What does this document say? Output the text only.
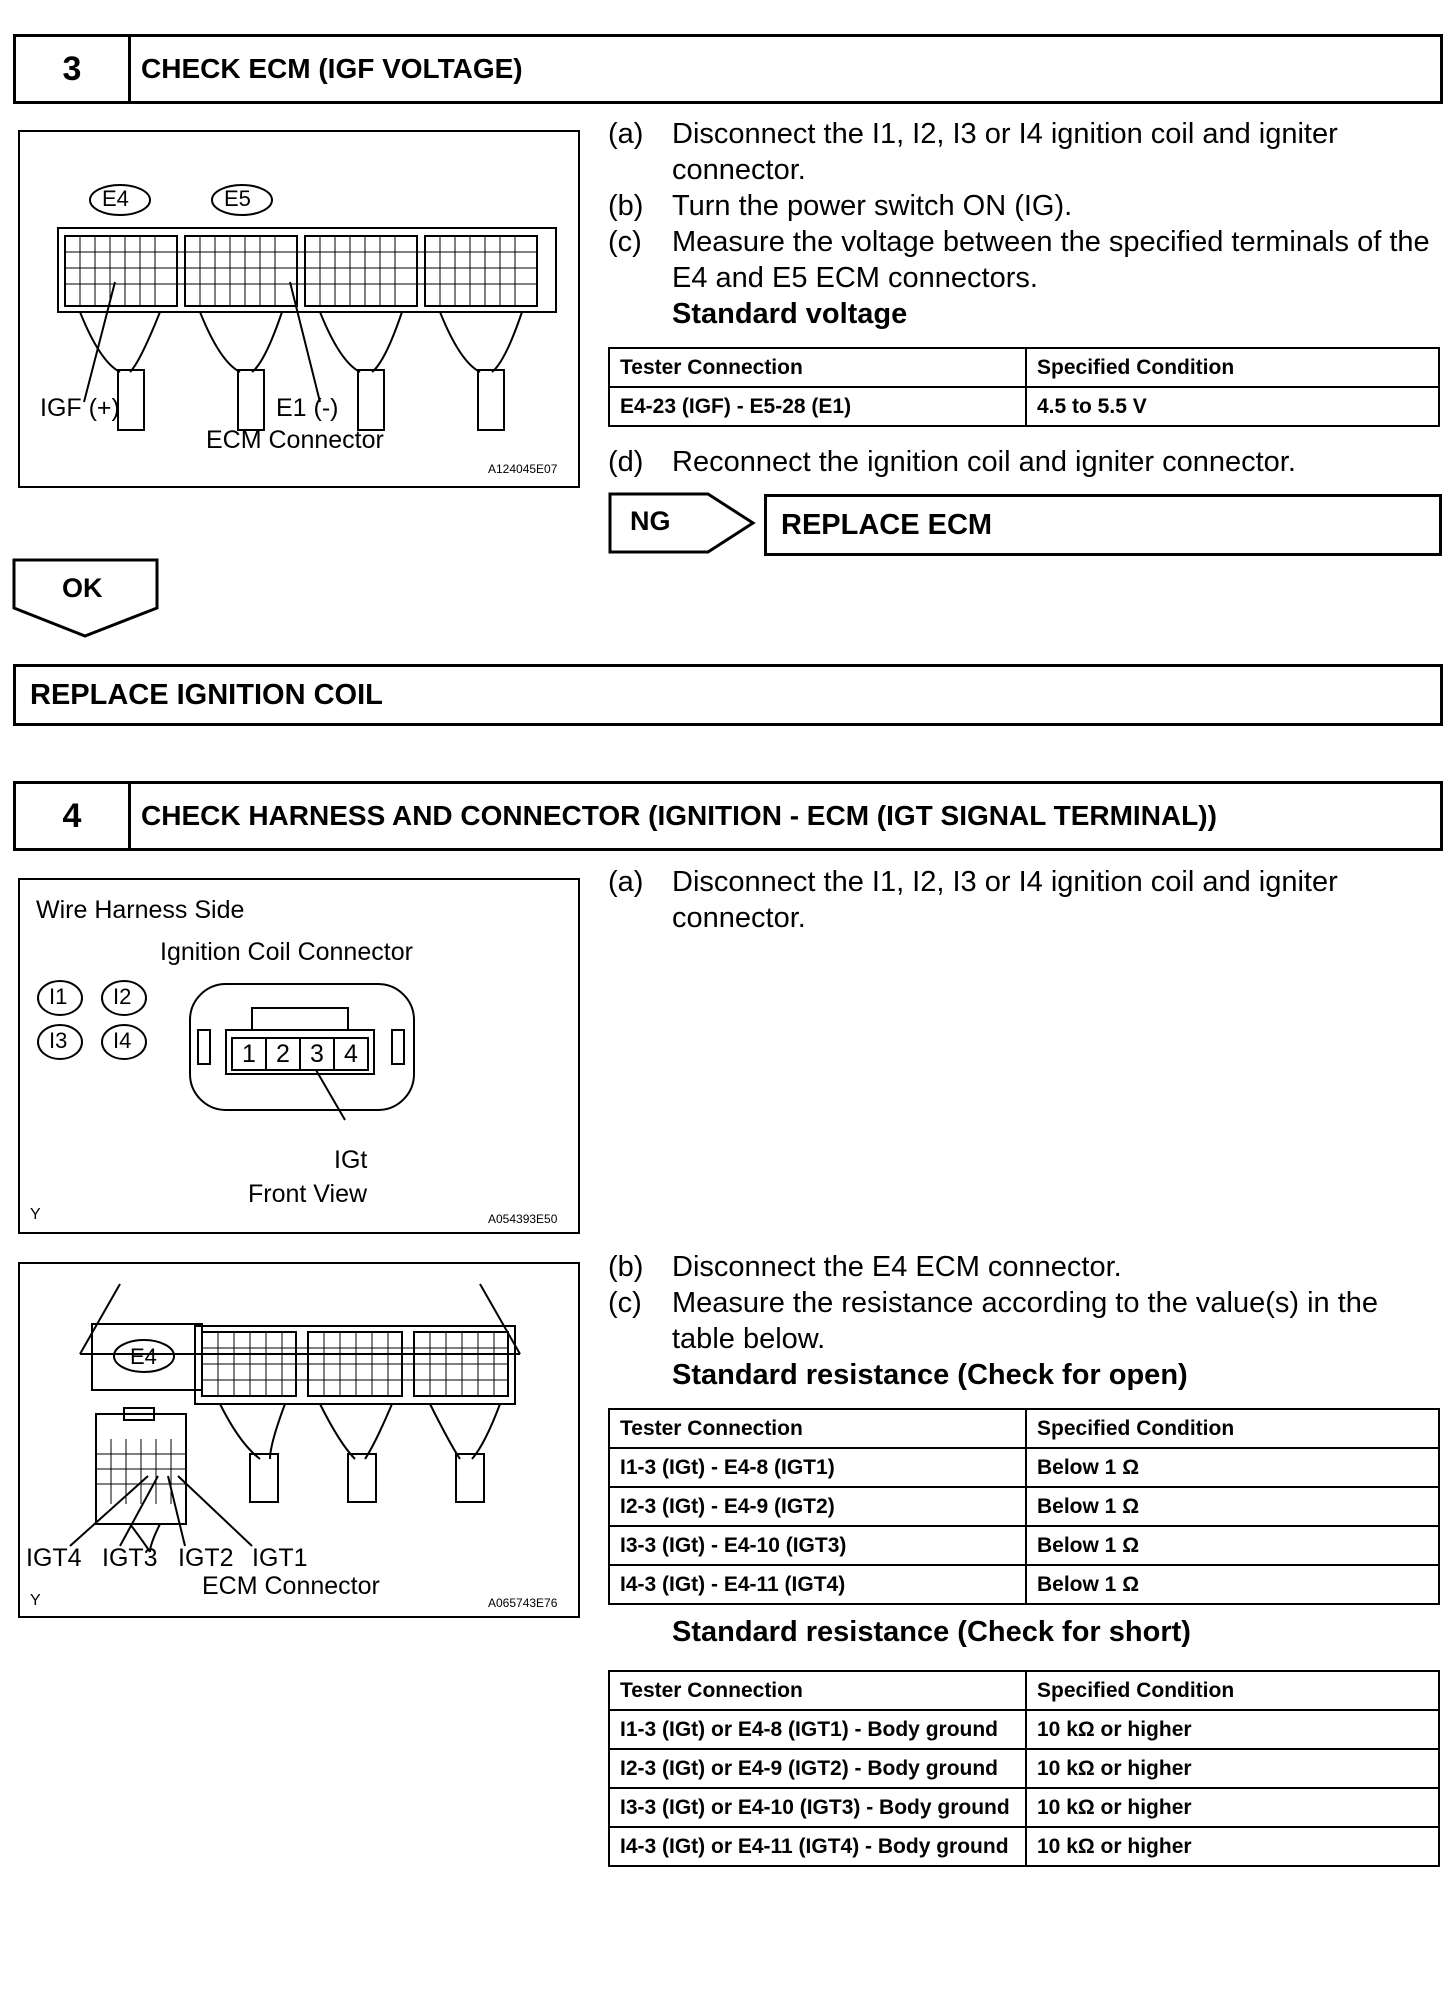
3	CHECK ECM (IGF VOLTAGE)
E4	E5
IGF (+)	E1 (-)
ECM Connector
A124045E07
(a) Disconnect the I1, I2, I3 or I4 ignition coil and igniter connector.
(b) Turn the power switch ON (IG).
(c)	Measure the voltage between the specified terminals of the E4 and E5 ECM connectors.
Standard voltage
Tester Connection	Specified Condition
E4-23 (IGF) - E5-28 (E1)	4.5 to 5.5 V
(d) Reconnect the ignition coil and igniter connector.
NG	REPLACE ECM
OK
REPLACE IGNITION COIL
4	CHECK HARNESS AND CONNECTOR (IGNITION - ECM (IGT SIGNAL TERMINAL))
Wire Harness Side
Ignition Coil Connector
I1 I2
I3 I4	1 2 3 4
IGt
Front View
Y	A054393E50
E4
IGT4 IGT3 IGT2 IGT1
ECM Connector
Y	A065743E76
(a) Disconnect the I1, I2, I3 or I4 ignition coil and igniter connector.
(b) Disconnect the E4 ECM connector.
(c)	Measure the resistance according to the value(s) in the table below.
Standard resistance (Check for open)
Tester Connection	Specified Condition
I1-3 (IGt) - E4-8 (IGT1)	Below 1 Ω
I2-3 (IGt) - E4-9 (IGT2)	Below 1 Ω
I3-3 (IGt) - E4-10 (IGT3)	Below 1 Ω
I4-3 (IGt) - E4-11 (IGT4)	Below 1 Ω
Standard resistance (Check for short)
Tester Connection	Specified Condition
I1-3 (IGt) or E4-8 (IGT1) - Body ground	10 kΩ or higher
I2-3 (IGt) or E4-9 (IGT2) - Body ground	10 kΩ or higher
I3-3 (IGt) or E4-10 (IGT3) - Body ground	10 kΩ or higher
I4-3 (IGt) or E4-11 (IGT4) - Body ground	10 kΩ or higher
